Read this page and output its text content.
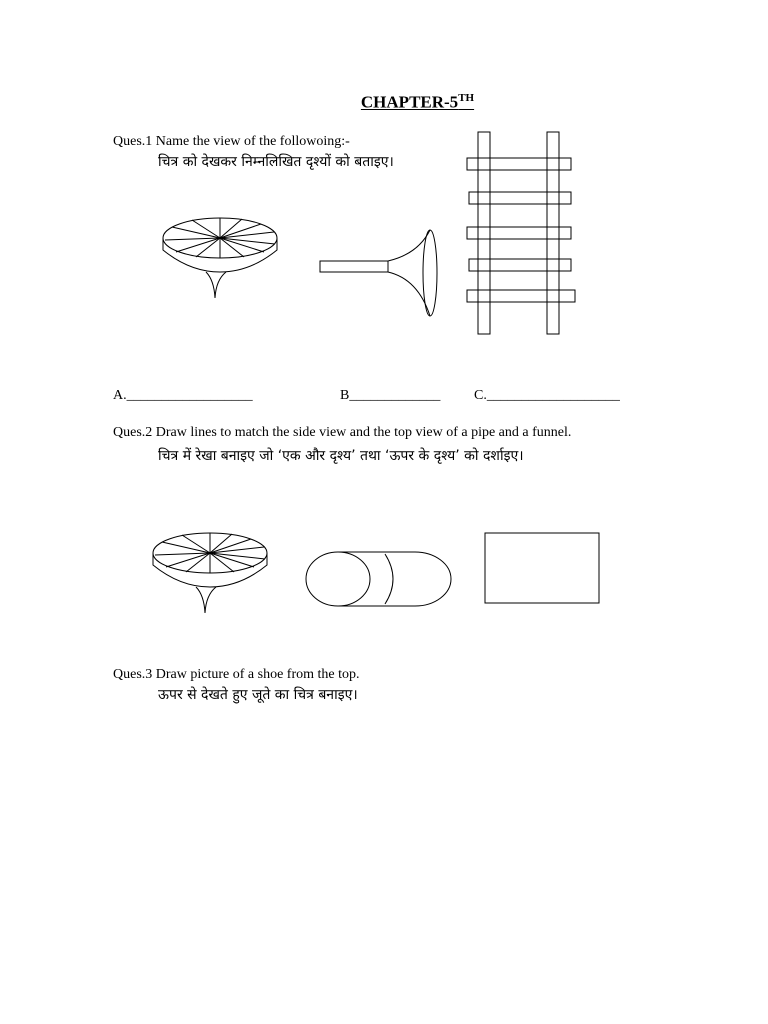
CHAPTER-5TH
Ques.1 Name the view of the followoing:-
चित्र को देखकर निम्नलिखित दृश्यों को बताइए।
A.__________________	B_____________ C.___________________
Ques.2 Draw lines to match the side view and the top view of a pipe and a funnel.
चित्र में रेखा बनाइए जो ‘एक और दृश्य’ तथा ‘ऊपर के दृश्य’ को दर्शाइए।
Ques.3 Draw picture of a shoe from the top.
ऊपर से देखते हुए जूते का चित्र बनाइए।
